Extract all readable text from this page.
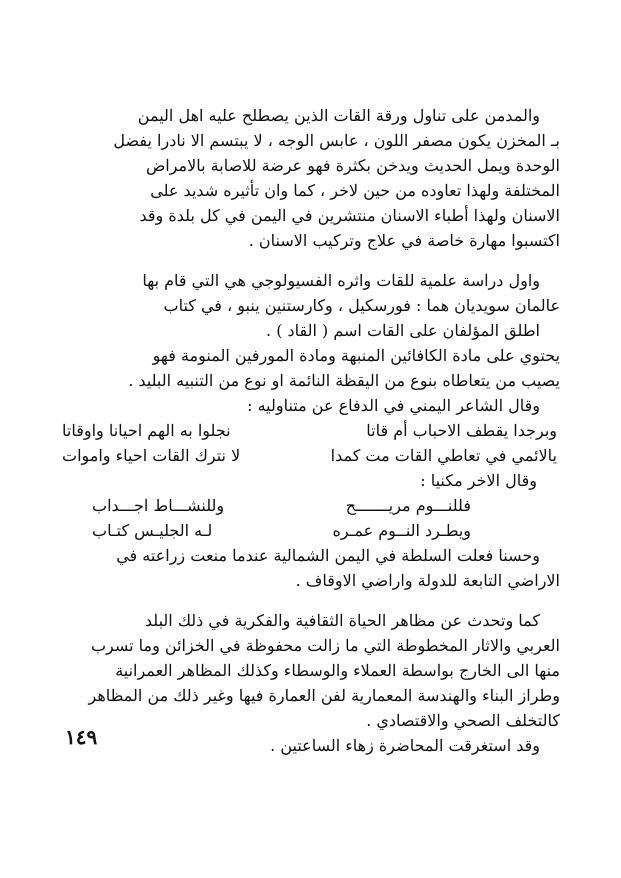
والمدمن على تناول ورقة القات الذين يصطلح عليه اهل اليمن
بـ المخزن يكون مصفر اللون ، عابس الوجه ، لا يبتسم الا نادرا يفضل
الوحدة ويمل الحديث ويدخن بكثرة فهو عرضة للاصابة بالامراض
المختلفة ولهذا تعاوده من حين لاخر ، كما وان تأثيره شديد على
الاسنان ولهذا أطباء الاسنان منتشرين في اليمن في كل بلدة وقد
اكتسبوا مهارة خاصة في علاج وتركيب الاسنان .
واول دراسة علمية للقات واثره الفسيولوجي هي التي قام بها
عالمان سويديان هما : فورسكيل ، وكارستنين ينبو ، في كتاب
اطلق المؤلفان على القات اسم ( القاد ) .
يحتوي على مادة الكافائين المنبهة ومادة المورفين المنومة فهو
يصيب من يتعاطاه بنوع من اليقظة النائمة او نوع من التنبيه البليد .
وقال الشاعر اليمني في الدفاع عن متناوليه :
وبرجدا يقطف الاحباب أم قاتا
نجلوا به الهم احيانا واوقاتا
يالائمي في تعاطي القات مت كمدا
لا نترك القات احياء واموات
وقال الاخر مكنيا :
فللنـــوم مريـــــــح
وللنشـــاط اجـــداب
ويطـرد النــوم عمـره
لـه الجليـس كتـاب
وحسنا فعلت السلطة في اليمن الشمالية عندما منعت زراعته في
الاراضي التابعة للدولة واراضي الاوقاف .
كما وتحدث عن مظاهر الحياة الثقافية والفكرية في ذلك البلد
العربي والاثار المخطوطة التي ما زالت محفوظة في الخزائن وما تسرب
منها الى الخارج بواسطة العملاء والوسطاء وكذلك المظاهر العمرانية
وطراز البناء والهندسة المعمارية لفن العمارة فيها وغير ذلك من المظاهر
كالتخلف الصحي والاقتصادي .
وقد استغرقت المحاضرة زهاء الساعتين .
١٤٩
